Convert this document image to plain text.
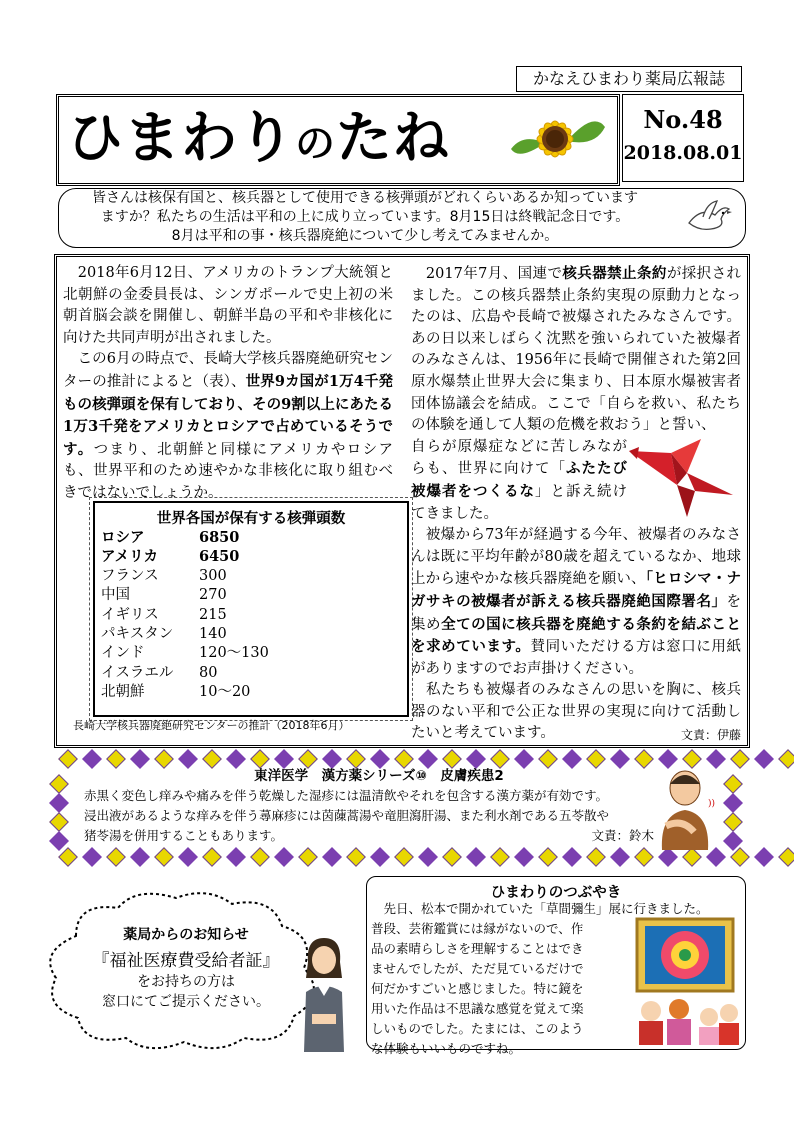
かなえひまわり薬局広報誌
ひまわりのたね	No.48
2018.08.01

皆さんは核保有国と、核兵器として使用できる核弾頭がどれくらいあるか知っています

ますか？私たちの生活は平和の上に成り立っています。8月15日は終戦記念日です。

8月は平和の事・核兵器廃絶について少し考えてみませんか。

　2018年6月12日、アメリカのトランプ大統領と北朝鮮の金委員長は、シンガポールで史上初の米朝首脳会談を開催し、朝鮮半島の平和や非核化に向けた共同声明が出されました。

　この6月の時点で、長崎大学核兵器廃絶研究センターの推計によると（表）、世界9カ国が1万4千発もの核弾頭を保有しており、その9割以上にあたる1万3千発をアメリカとロシアで占めているそうです。つまり、北朝鮮と同様にアメリカやロシアも、世界平和のため速やかな非核化に取り組むべきではないでしょうか。

世界各国が保有する核弾頭数
ロシア	6850
アメリカ	6450
フランス	300
中国	270
イギリス	215
パキスタン	140
インド	120～130
イスラエル	80
北朝鮮	10～20
長崎大学核兵器廃絶研究センターの推計（2018年6月）

　2017年7月、国連で核兵器禁止条約が採択されました。この核兵器禁止条約実現の原動力となったのは、広島や長崎で被爆されたみなさんです。あの日以来しばらく沈黙を強いられていた被爆者のみなさんは、1956年に長崎で開催された第2回原水爆禁止世界大会に集まり、日本原水爆被害者団体協議会を結成。ここで「自らを救い、私たちの体験を通して人類の危機を救おう」と誓い、

自らが原爆症などに苦しみながらも、世界に向けて「ふたたび被爆者をつくるな」と訴え続けてきました。

　被爆から73年が経過する今年、被爆者のみなさんは既に平均年齢が80歳を超えているなか、地球上から速やかな核兵器廃絶を願い、「ヒロシマ・ナガサキの被爆者が訴える核兵器廃絶国際署名」を集め全ての国に核兵器を廃絶する条約を結ぶことを求めています。賛同いただける方は窓口に用紙がありますのでお声掛けください。

　私たちも被爆者のみなさんの思いを胸に、核兵器のない平和で公正な世界の実現に向けて活動したいと考えています。	文責：伊藤

東洋医学　漢方薬シリーズ⑩　皮膚疾患2
赤黒く変色し痒みや痛みを伴う乾燥した湿疹には温清飲やそれを包含する漢方薬が有効です。
浸出液があるような痒みを伴う蕁麻疹には茵蔯蒿湯や竜胆瀉肝湯、また利水剤である五苓散や
猪苓湯を併用することもあります。	文責：鈴木
))
薬局からのお知らせ
『福祉医療費受給者証』
をお持ちの方は
窓口にてご提示ください。
ひまわりのつぶやき
　先日、松本で開かれていた「草間彌生」展に行きました。
普段、芸術鑑賞には縁がないので、作
品の素晴らしさを理解することはでき
ませんでしたが、ただ見ているだけで
何だかすごいと感じました。特に鏡を
用いた作品は不思議な感覚を覚えて楽
しいものでした。たまには、このよう
な体験もいいものですね。
